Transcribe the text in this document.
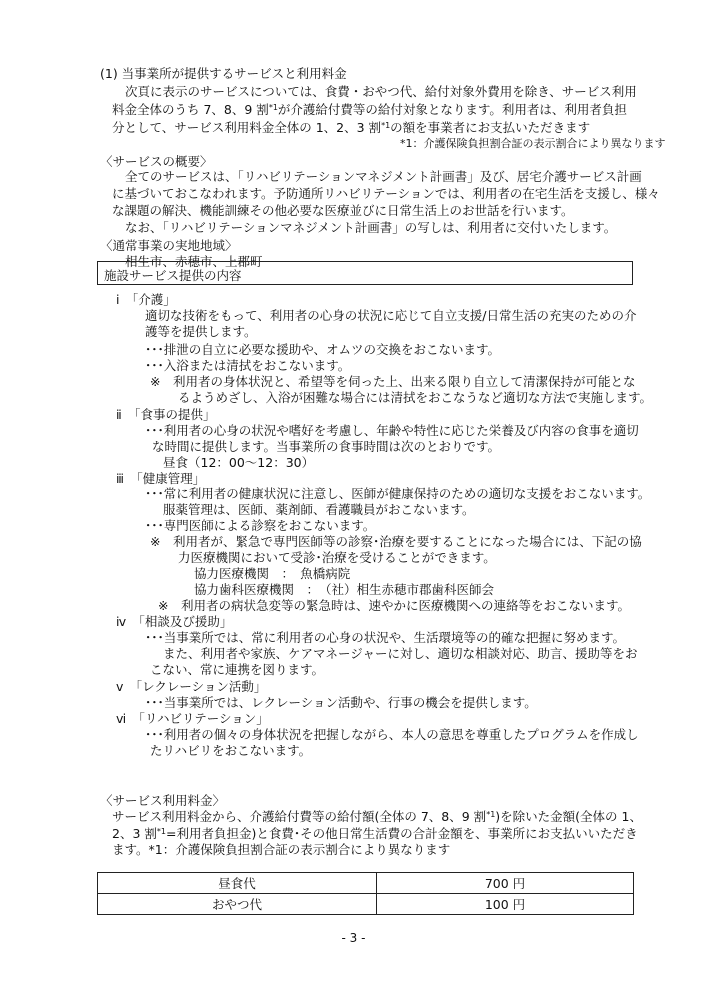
(1) 当事業所が提供するサービスと利用料金
次頁に表示のサービスについては、食費・おやつ代、給付対象外費用を除き、サービス利用
料金全体のうち 7、8、9 割$^{*1}$が介護給付費等の給付対象となります。利用者は、利用者負担
分として、サービス利用料金全体の 1、2、3 割$^{*1}$の額を事業者にお支払いただきます
*1：介護保険負担割合証の表示割合により異なります
〈サービスの概要〉
全てのサービスは、「リハビリテーションマネジメント計画書」及び、居宅介護サービス計画
に基づいておこなわれます。予防通所リハビリテーションでは、利用者の在宅生活を支援し、様々
な課題の解決、機能訓練その他必要な医療並びに日常生活上のお世話を行います。
なお、「リハビリテーションマネジメント計画書」の写しは、利用者に交付いたします。
〈通常事業の実地地域〉
相生市、赤穂市、上郡町
施設サービス提供の内容
ⅰ　「介護」
適切な技術をもって、利用者の心身の状況に応じて自立支援/日常生活の充実のための介
護等を提供します。
･･･排泄の自立に必要な援助や、オムツの交換をおこないます。
･･･入浴または清拭をおこないます。
※　利用者の身体状況と、希望等を伺った上、出来る限り自立して清潔保持が可能とな
るようめざし、入浴が困難な場合には清拭をおこなうなど適切な方法で実施します。
ⅱ　「食事の提供」
･･･利用者の心身の状況や嗜好を考慮し、年齢や特性に応じた栄養及び内容の食事を適切
な時間に提供します。当事業所の食事時間は次のとおりです。
昼食（12：00〜12：30）
ⅲ　「健康管理」
･･･常に利用者の健康状況に注意し、医師が健康保持のための適切な支援をおこないます。
服薬管理は、医師、薬剤師、看護職員がおこないます。
･･･専門医師による診察をおこないます。
※　利用者が、緊急で専門医師等の診察･治療を要することになった場合には、下記の協
力医療機関において受診･治療を受けることができます。
協力医療機関　：　魚橋病院
協力歯科医療機関　：　（社）相生赤穂市郡歯科医師会
※　利用者の病状急変等の緊急時は、速やかに医療機関への連絡等をおこないます。
ⅳ　「相談及び援助」
･･･当事業所では、常に利用者の心身の状況や、生活環境等の的確な把握に努めます。
また、利用者や家族、ケアマネージャーに対し、適切な相談対応、助言、援助等をお
こない、常に連携を図ります。
ⅴ　「レクレーション活動」
･･･当事業所では、レクレーション活動や、行事の機会を提供します。
ⅵ　「リハビリテーション」
･･･利用者の個々の身体状況を把握しながら、本人の意思を尊重したプログラムを作成し
たリハビリをおこないます。
〈サービス利用料金〉
サービス利用料金から、介護給付費等の給付額(全体の 7、8、9 割$^{*1}$)を除いた金額(全体の 1、
2、3 割$^{*1}$=利用者負担金)と食費･その他日常生活費の合計金額を、事業所にお支払いいただき
ます。*1：介護保険負担割合証の表示割合により異なります
昼食代	700 円
おやつ代	100 円
- 3 -
